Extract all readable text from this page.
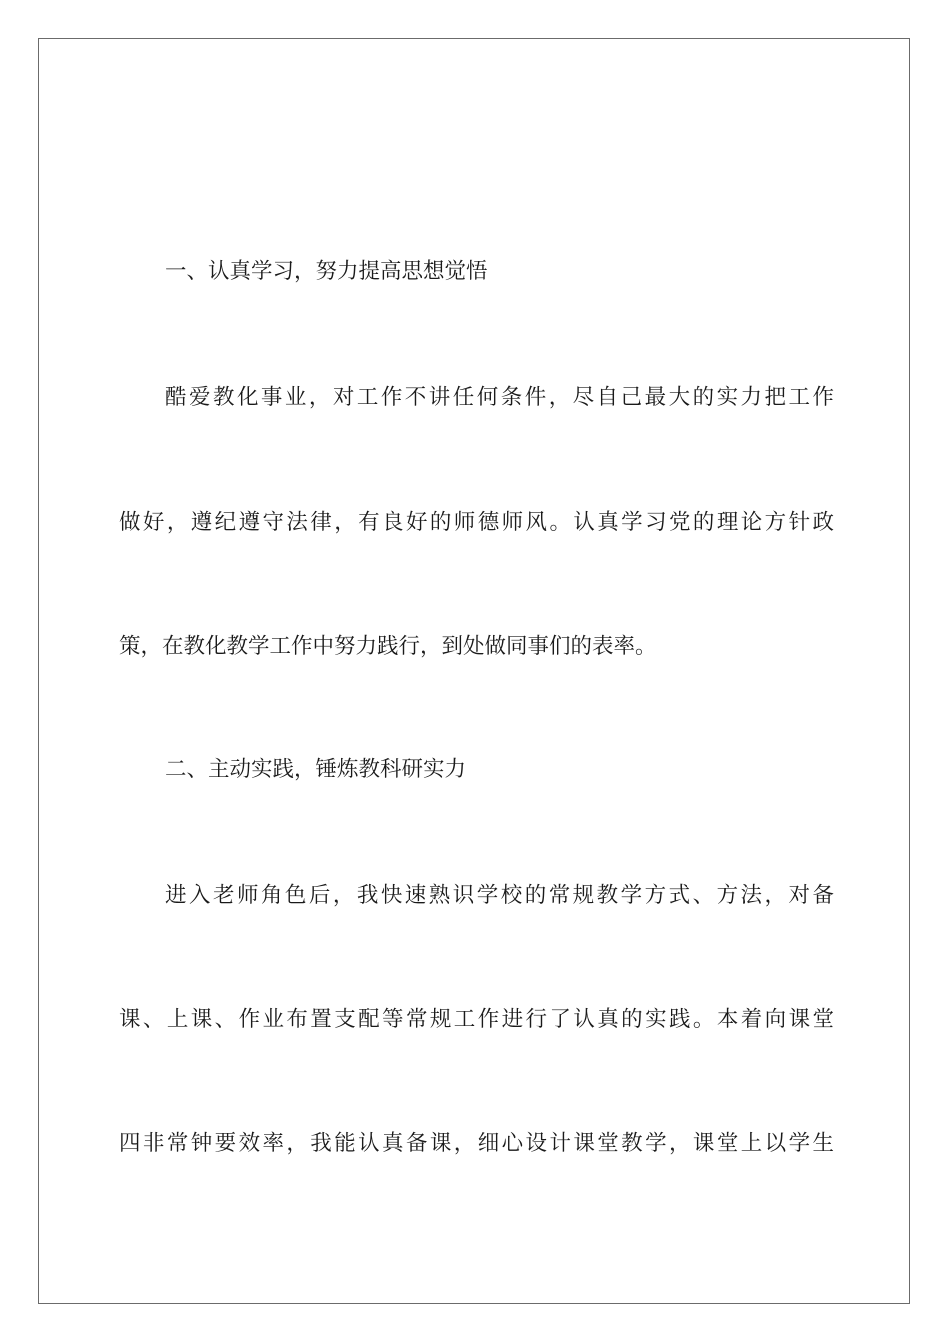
一、认真学习，努力提高思想觉悟
酷爱教化事业，对工作不讲任何条件，尽自己最大的实力把工作
做好，遵纪遵守法律，有良好的师德师风。认真学习党的理论方针政
策，在教化教学工作中努力践行，到处做同事们的表率。
二、主动实践，锤炼教科研实力
进入老师角色后，我快速熟识学校的常规教学方式、方法，对备
课、上课、作业布置支配等常规工作进行了认真的实践。本着向课堂
四非常钟要效率，我能认真备课，细心设计课堂教学，课堂上以学生
